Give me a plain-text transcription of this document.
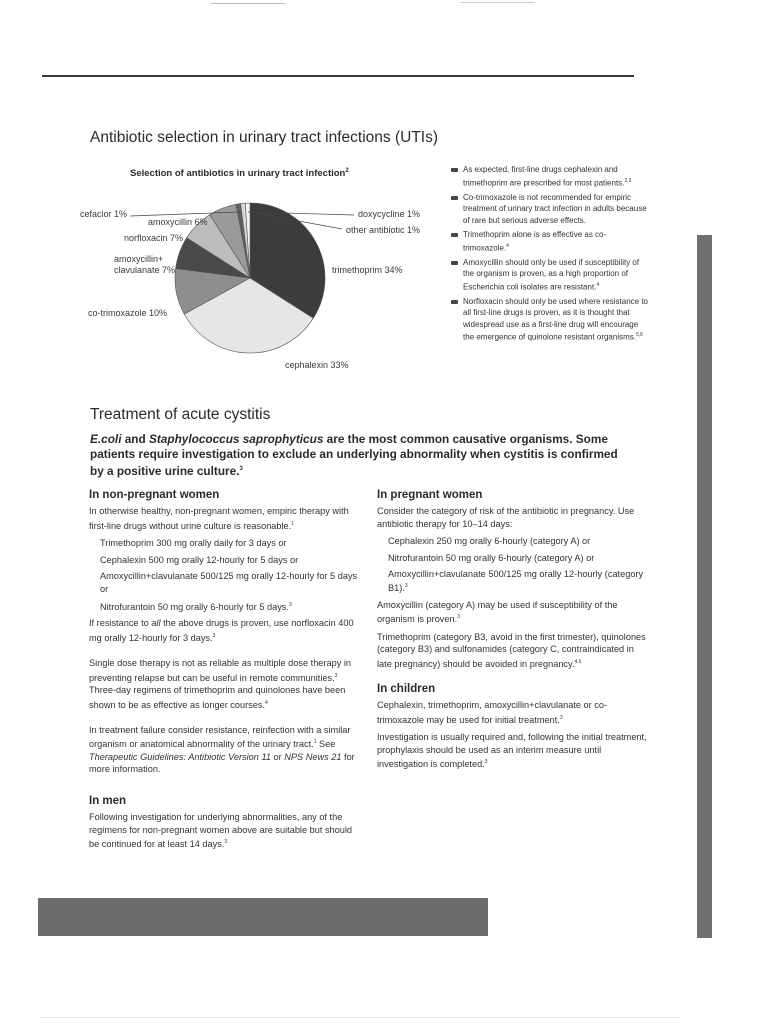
Antibiotic selection in urinary tract infections (UTIs)
Selection of antibiotics in urinary tract infection$^2$
trimethoprim 34%
cephalexin 33%
co-trimoxazole 10%
amoxycillin+ clavulanate 7%
norfloxacin 7%
amoxycillin 6%
cefaclor 1%	doxycycline 1%
other antibiotic 1%
As expected, first-line drugs cephalexin and trimethoprim are prescribed for most patients.$^{2,3}$
Co-trimoxazole is not recommended for empiric treatment of urinary tract infection in adults because of rare but serious adverse effects.
Trimethoprim alone is as effective as co-trimoxazole.$^4$
Amoxycillin should only be used if susceptibility of the organism is proven, as a high proportion of Escherichia coli isolates are resistant.$^4$
Norfloxacin should only be used where resistance to all first-line drugs is proven, as it is thought that widespread use as a first-line drug will encourage the emergence of quinolone resistant organisms.$^{5,6}$
Treatment of acute cystitis
E.coli and Staphylococcus saprophyticus are the most common causative organisms. Some patients require investigation to exclude an underlying abnormality when cystitis is confirmed by a positive urine culture.$^3$
In non-pregnant women

In otherwise healthy, non-pregnant women, empiric therapy with first-line drugs without urine culture is reasonable.$^1$

Trimethoprim 300 mg orally daily for 3 days or

Cephalexin 500 mg orally 12-hourly for 5 days or

Amoxycillin+clavulanate 500/125 mg orally 12-hourly for 5 days or

Nitrofurantoin 50 mg orally 6-hourly for 5 days.$^3$

If resistance to all the above drugs is proven, use norfloxacin 400 mg orally 12-hourly for 3 days.$^3$

Single dose therapy is not as reliable as multiple dose therapy in preventing relapse but can be useful in remote communities.$^3$ Three-day regimens of trimethoprim and quinolones have been shown to be as effective as longer courses.$^4$

In treatment failure consider resistance, reinfection with a similar organism or anatomical abnormality of the urinary tract.$^1$ See Therapeutic Guidelines: Antibiotic Version 11 or NPS News 21 for more information.

In men

Following investigation for underlying abnormalities, any of the regimens for non-pregnant women above are suitable but should be continued for at least 14 days.$^3$

In pregnant women

Consider the category of risk of the antibiotic in pregnancy. Use antibiotic therapy for 10–14 days:

Cephalexin 250 mg orally 6-hourly (category A) or

Nitrofurantoin 50 mg orally 6-hourly (category A) or

Amoxycillin+clavulanate 500/125 mg orally 12-hourly (category B1).$^3$

Amoxycillin (category A) may be used if susceptibility of the organism is proven.$^3$

Trimethoprim (category B3, avoid in the first trimester), quinolones (category B3) and sulfonamides (category C, contraindicated in late pregnancy) should be avoided in pregnancy.$^{4,6}$

In children

Cephalexin, trimethoprim, amoxycillin+clavulanate or co-trimoxazole may be used for initial treatment.$^3$

Investigation is usually required and, following the initial treatment, prophylaxis should be used as an interim measure until investigation is completed.$^3$
